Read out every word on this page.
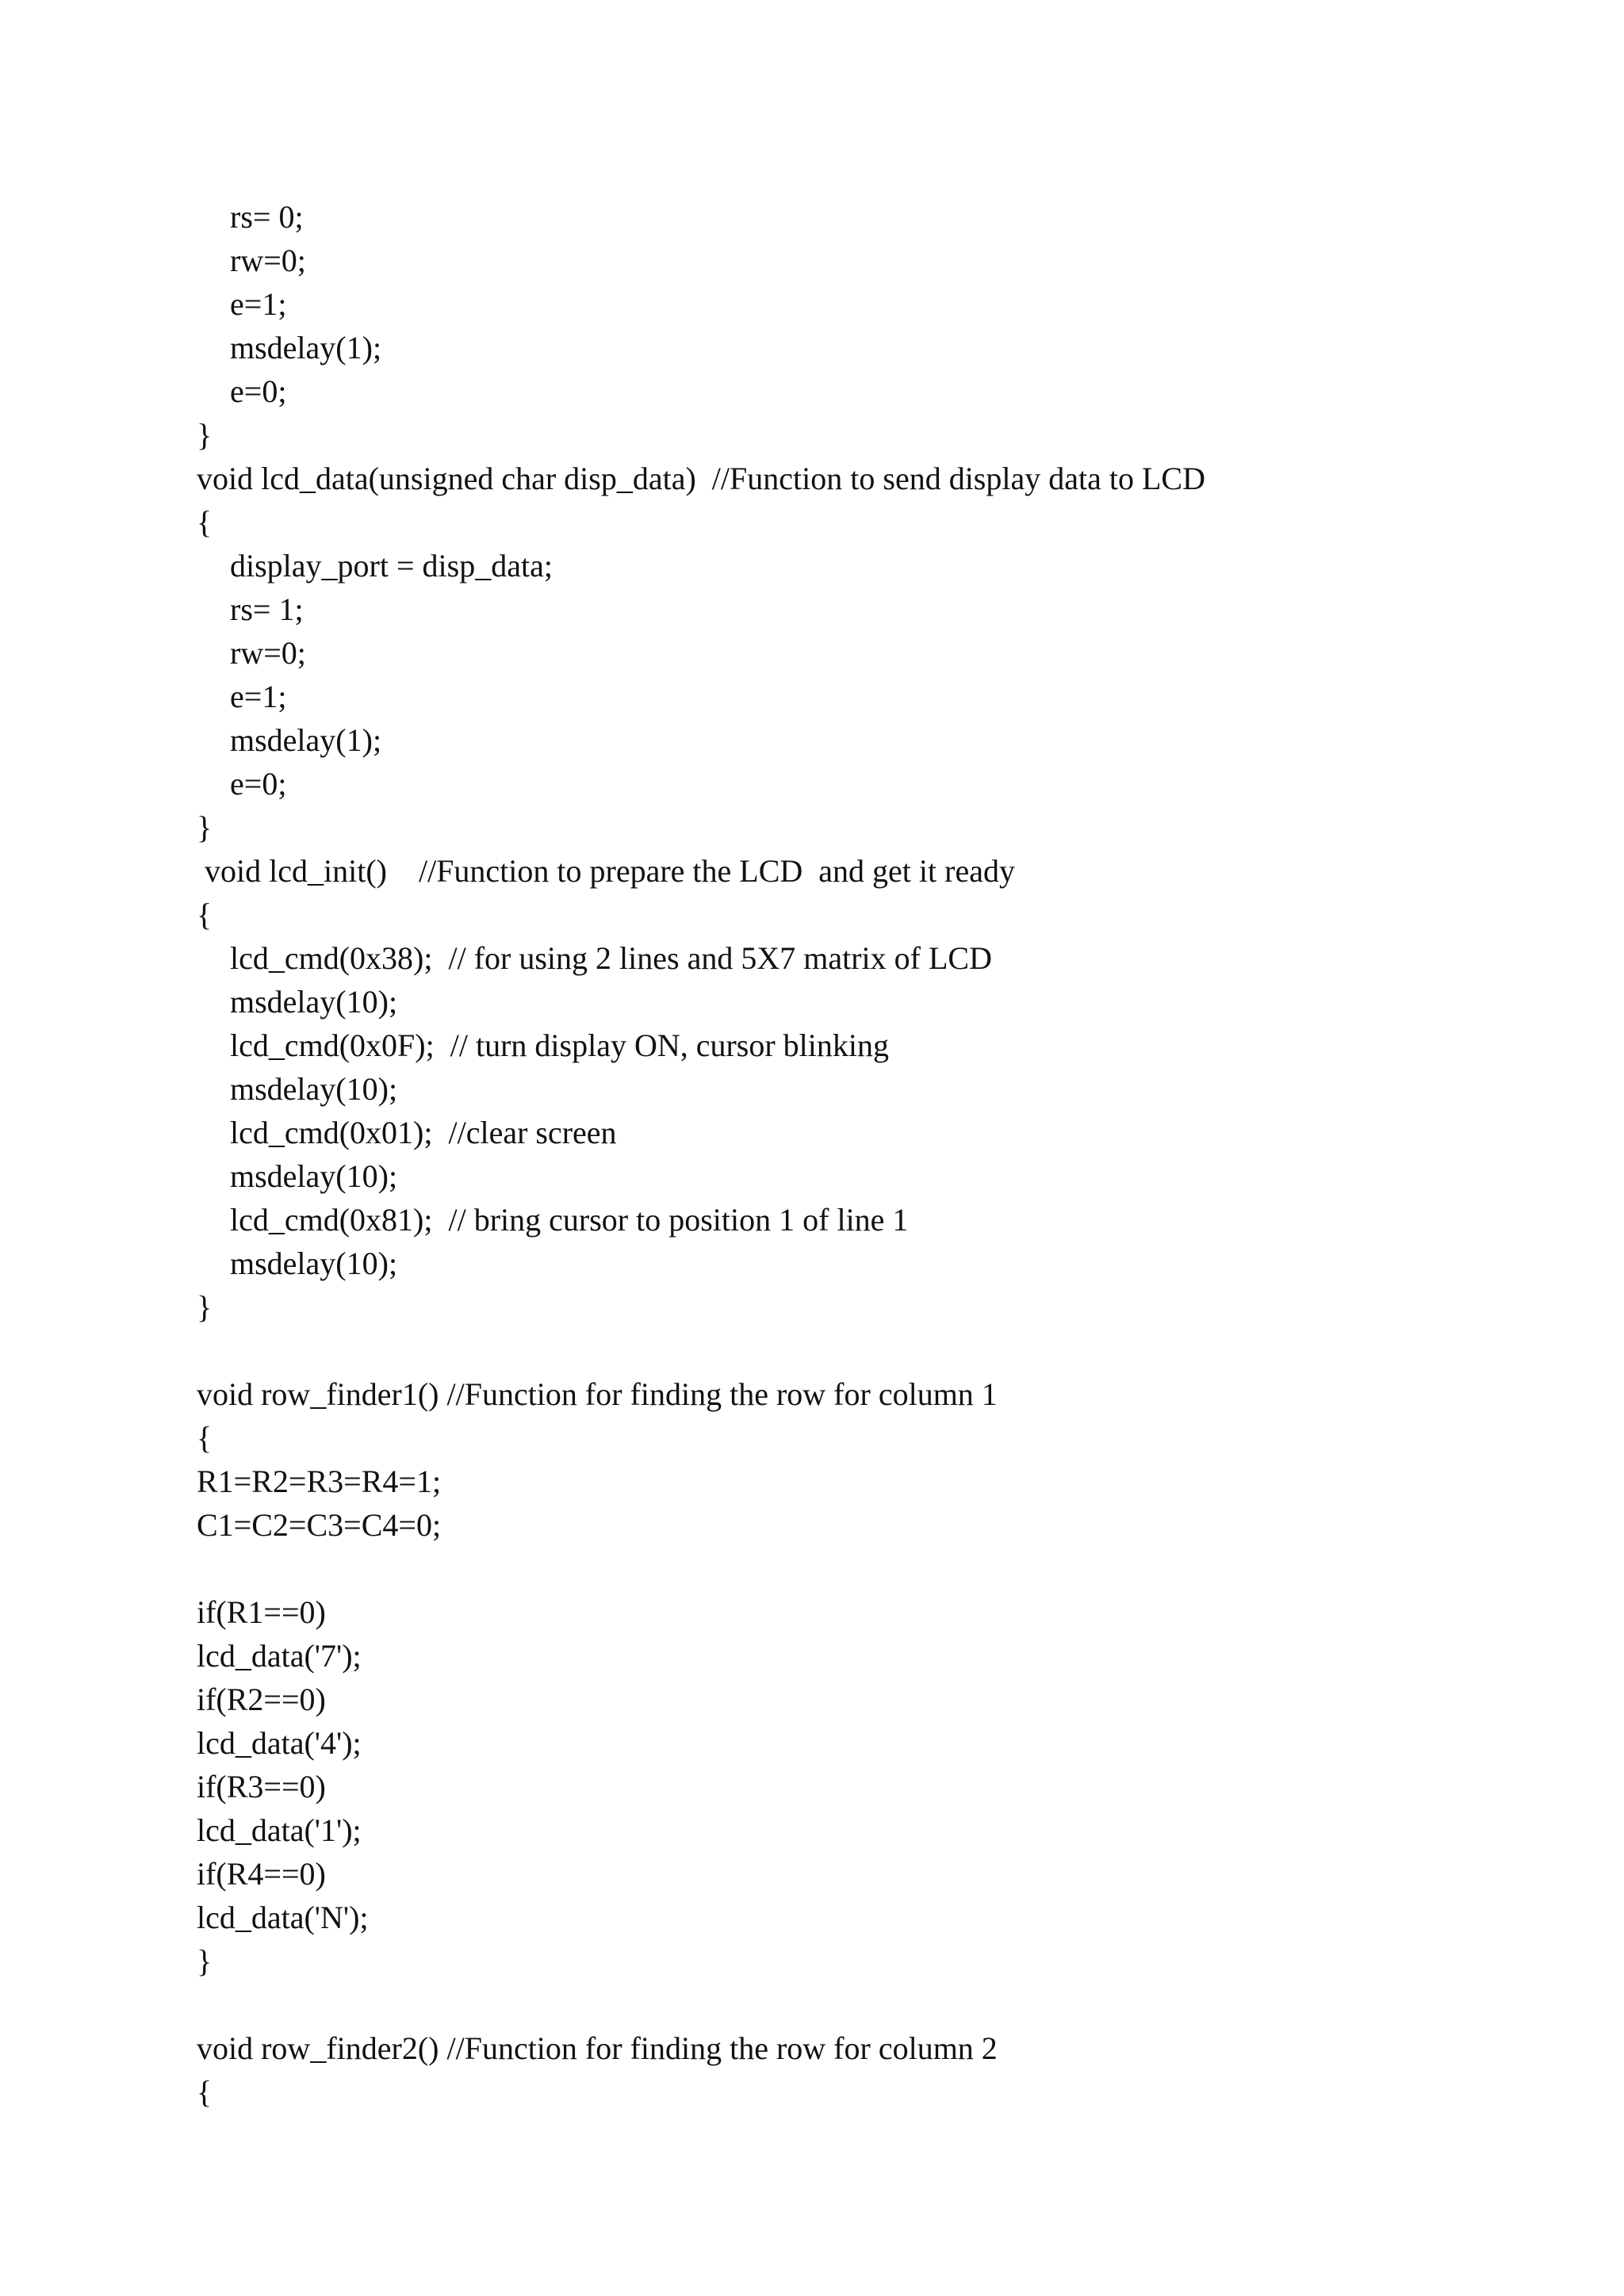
rs= 0;
rw=0;
e=1;
msdelay(1);
e=0;
}
void lcd_data(unsigned char disp_data)  //Function to send display data to LCD
{
display_port = disp_data;
rs= 1;
rw=0;
e=1;
msdelay(1);
e=0;
}
void lcd_init()    //Function to prepare the LCD  and get it ready
{
lcd_cmd(0x38);  // for using 2 lines and 5X7 matrix of LCD
msdelay(10);
lcd_cmd(0x0F);  // turn display ON, cursor blinking
msdelay(10);
lcd_cmd(0x01);  //clear screen
msdelay(10);
lcd_cmd(0x81);  // bring cursor to position 1 of line 1
msdelay(10);
}
void row_finder1() //Function for finding the row for column 1
{
R1=R2=R3=R4=1;
C1=C2=C3=C4=0;
if(R1==0)
lcd_data('7');
if(R2==0)
lcd_data('4');
if(R3==0)
lcd_data('1');
if(R4==0)
lcd_data('N');
}
void row_finder2() //Function for finding the row for column 2
{
